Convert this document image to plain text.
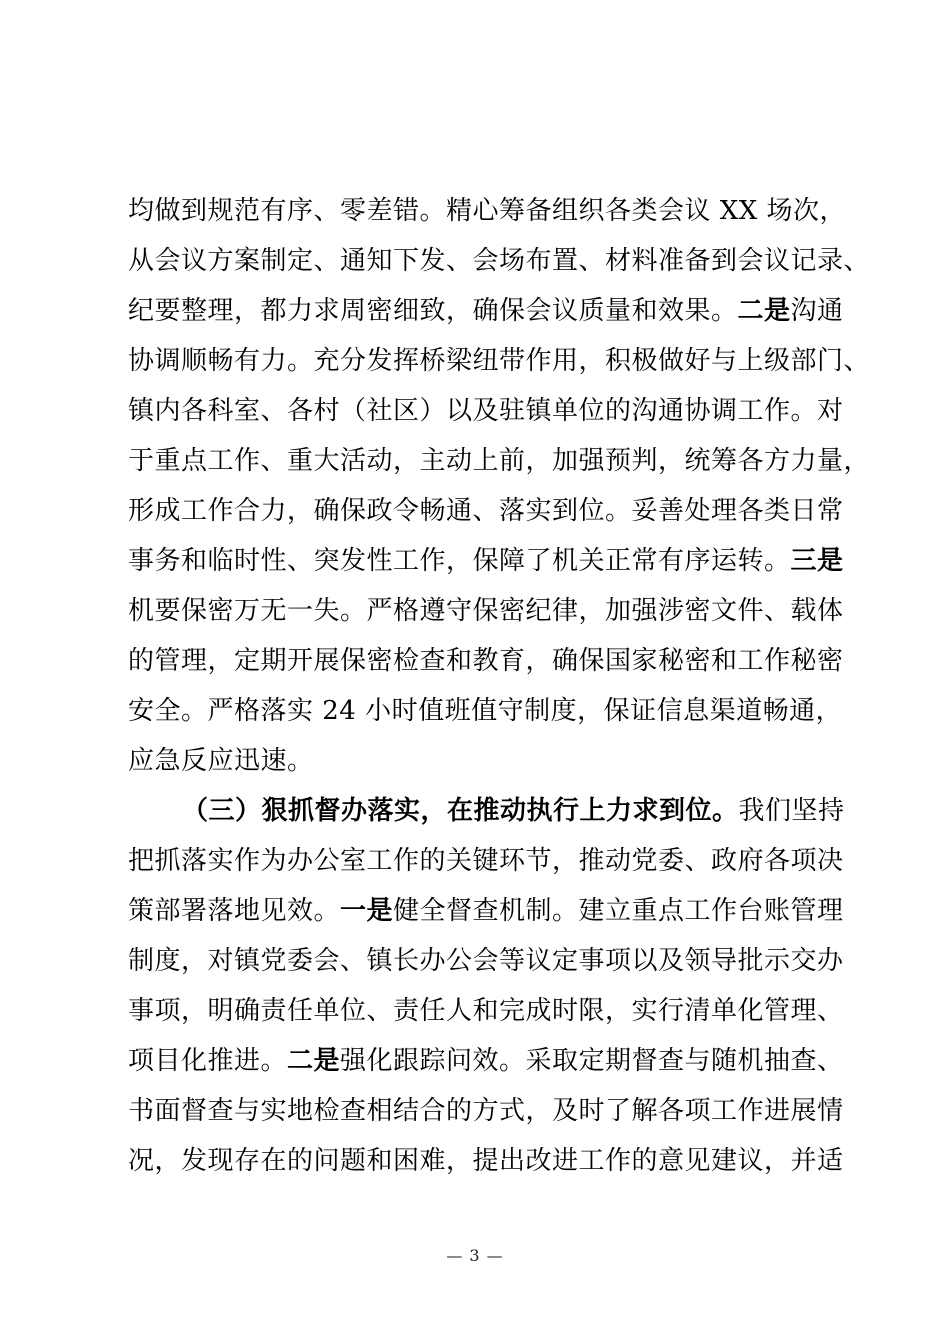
均做到规范有序、零差错。精心筹备组织各类会议 XX 场次，
从会议方案制定、通知下发、会场布置、材料准备到会议记录、
纪要整理，都力求周密细致，确保会议质量和效果。二是沟通
协调顺畅有力。充分发挥桥梁纽带作用，积极做好与上级部门、
镇内各科室、各村（社区）以及驻镇单位的沟通协调工作。对
于重点工作、重大活动，主动上前，加强预判，统筹各方力量，
形成工作合力，确保政令畅通、落实到位。妥善处理各类日常
事务和临时性、突发性工作，保障了机关正常有序运转。三是
机要保密万无一失。严格遵守保密纪律，加强涉密文件、载体
的管理，定期开展保密检查和教育，确保国家秘密和工作秘密
安全。严格落实 24 小时值班值守制度，保证信息渠道畅通，
应急反应迅速。
（三）狠抓督办落实，在推动执行上力求到位。我们坚持
把抓落实作为办公室工作的关键环节，推动党委、政府各项决
策部署落地见效。一是健全督查机制。建立重点工作台账管理
制度，对镇党委会、镇长办公会等议定事项以及领导批示交办
事项，明确责任单位、责任人和完成时限，实行清单化管理、
项目化推进。二是强化跟踪问效。采取定期督查与随机抽查、
书面督查与实地检查相结合的方式，及时了解各项工作进展情
况，发现存在的问题和困难，提出改进工作的意见建议，并适
— 3 —
